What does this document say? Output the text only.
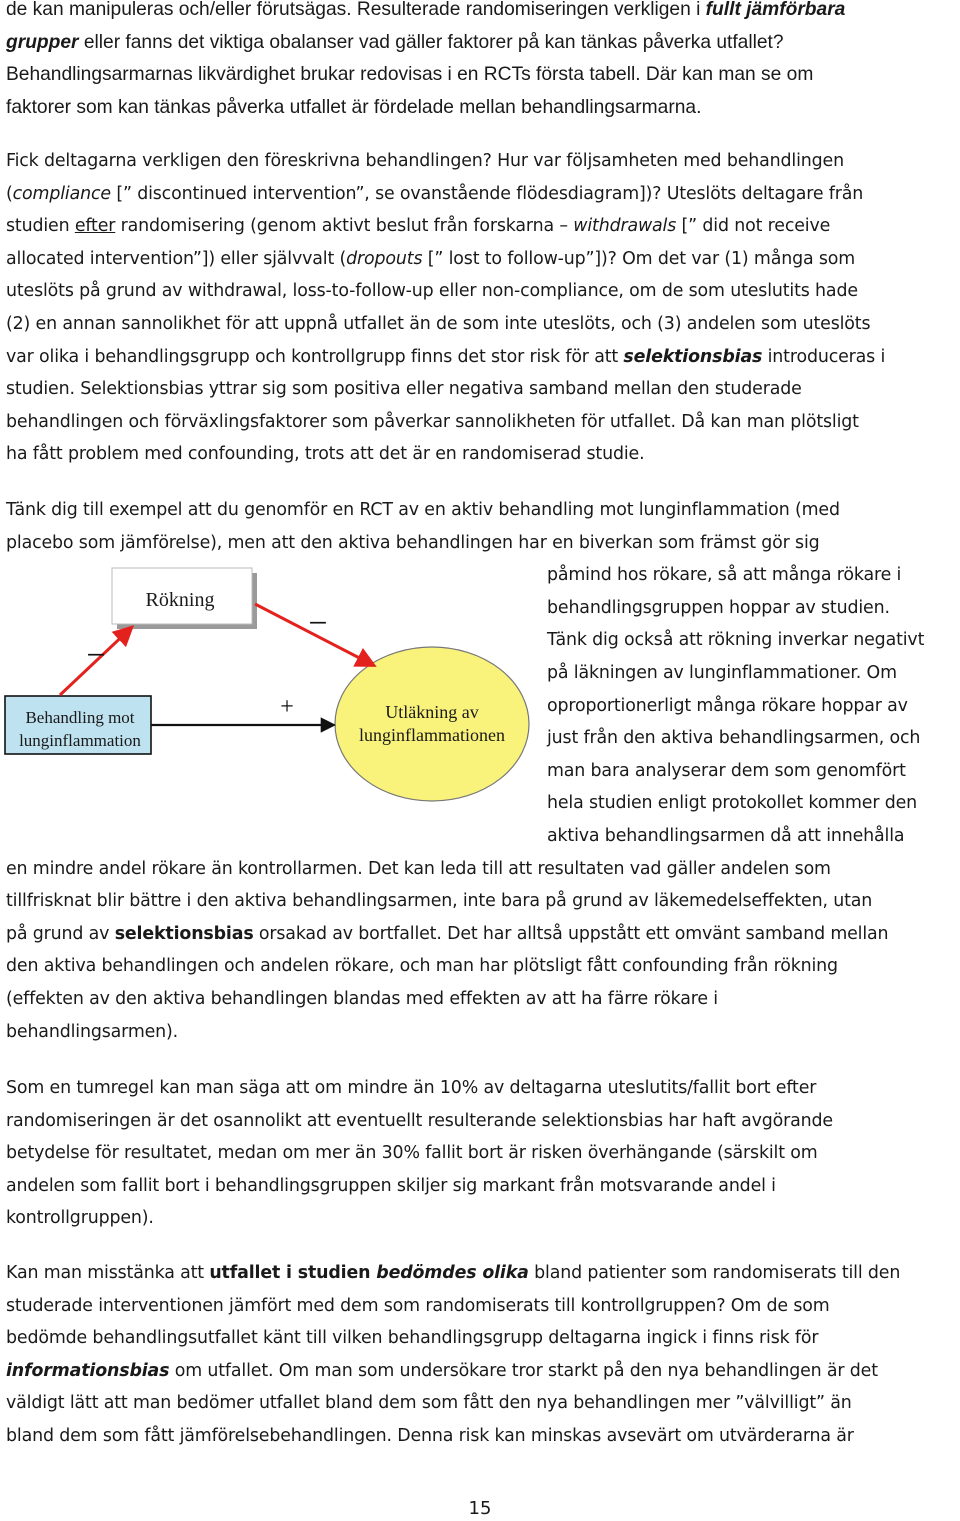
de kan manipuleras och/eller förutsägas. Resulterade randomiseringen verkligen i fullt jämförbara
grupper eller fanns det viktiga obalanser vad gäller faktorer på kan tänkas påverka utfallet?
Behandlingsarmarnas likvärdighet brukar redovisas i en RCTs första tabell. Där kan man se om
faktorer som kan tänkas påverka utfallet är fördelade mellan behandlingsarmarna.
Fick deltagarna verkligen den föreskrivna behandlingen? Hur var följsamheten med behandlingen
(compliance [” discontinued intervention”, se ovanstående flödesdiagram])? Uteslöts deltagare från
studien efter randomisering (genom aktivt beslut från forskarna – withdrawals [” did not receive
allocated intervention”]) eller självvalt (dropouts [” lost to follow-up”])? Om det var (1) många som
uteslöts på grund av withdrawal, loss-to-follow-up eller non-compliance, om de som uteslutits hade
(2) en annan sannolikhet för att uppnå utfallet än de som inte uteslöts, och (3) andelen som uteslöts
var olika i behandlingsgrupp och kontrollgrupp finns det stor risk för att selektionsbias introduceras i
studien. Selektionsbias yttrar sig som positiva eller negativa samband mellan den studerade
behandlingen och förväxlingsfaktorer som påverkar sannolikheten för utfallet. Då kan man plötsligt
ha fått problem med confounding, trots att det är en randomiserad studie.
Tänk dig till exempel att du genomför en RCT av en aktiv behandling mot lunginflammation (med
placebo som jämförelse), men att den aktiva behandlingen har en biverkan som främst gör sig
påmind hos rökare, så att många rökare i
behandlingsgruppen hoppar av studien.
Tänk dig också att rökning inverkar negativt
på läkningen av lunginflammationer. Om
oproportionerligt många rökare hoppar av
just från den aktiva behandlingsarmen, och
man bara analyserar dem som genomfört
hela studien enligt protokollet kommer den
aktiva behandlingsarmen då att innehålla
en mindre andel rökare än kontrollarmen. Det kan leda till att resultaten vad gäller andelen som
tillfrisknat blir bättre i den aktiva behandlingsarmen, inte bara på grund av läkemedelseffekten, utan
på grund av selektionsbias orsakad av bortfallet. Det har alltså uppstått ett omvänt samband mellan
den aktiva behandlingen och andelen rökare, och man har plötsligt fått confounding från rökning
(effekten av den aktiva behandlingen blandas med effekten av att ha färre rökare i
behandlingsarmen).
Rökning
Behandling mot
lunginflammation
Utläkning av
lunginflammationen
−
−
+
Som en tumregel kan man säga att om mindre än 10% av deltagarna uteslutits/fallit bort efter
randomiseringen är det osannolikt att eventuellt resulterande selektionsbias har haft avgörande
betydelse för resultatet, medan om mer än 30% fallit bort är risken överhängande (särskilt om
andelen som fallit bort i behandlingsgruppen skiljer sig markant från motsvarande andel i
kontrollgruppen).
Kan man misstänka att utfallet i studien bedömdes olika bland patienter som randomiserats till den
studerade interventionen jämfört med dem som randomiserats till kontrollgruppen? Om de som
bedömde behandlingsutfallet känt till vilken behandlingsgrupp deltagarna ingick i finns risk för
informationsbias om utfallet. Om man som undersökare tror starkt på den nya behandlingen är det
väldigt lätt att man bedömer utfallet bland dem som fått den nya behandlingen mer ”välvilligt” än
bland dem som fått jämförelsebehandlingen. Denna risk kan minskas avsevärt om utvärderarna är
15
